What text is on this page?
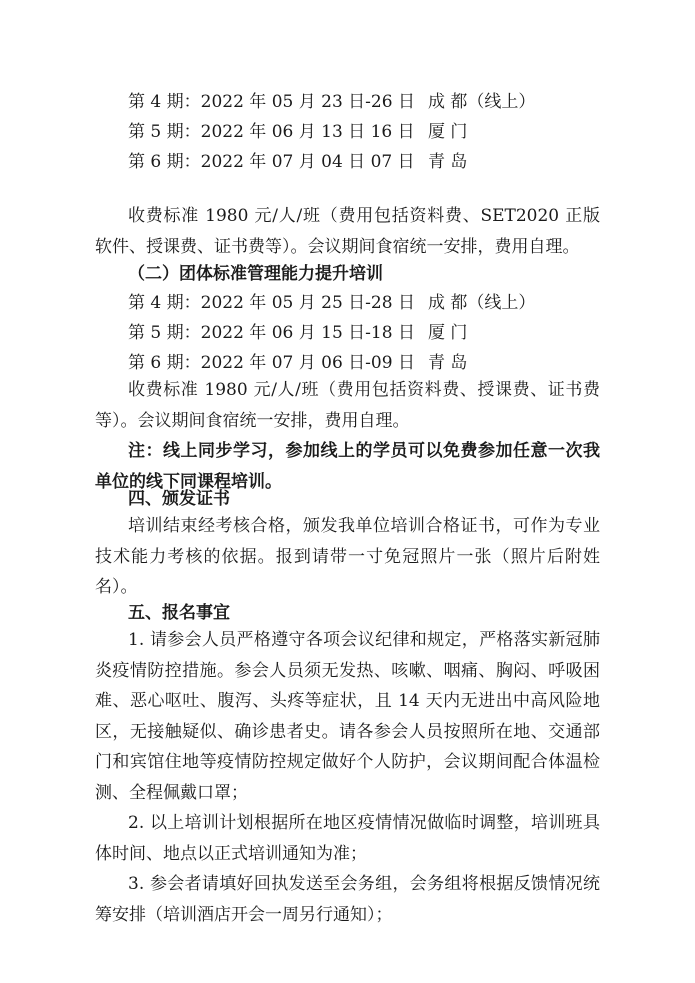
第 4 期：2022 年 05 月 23 日-26 日 成 都（线上）
第 5 期：2022 年 06 月 13 日 16 日 厦 门
第 6 期：2022 年 07 月 04 日 07 日 青 岛
收费标准 1980 元/人/班（费用包括资料费、SET2020 正版软件、授课费、证书费等）。会议期间食宿统一安排，费用自理。
（二）团体标准管理能力提升培训
第 4 期：2022 年 05 月 25 日-28 日 成 都（线上）
第 5 期：2022 年 06 月 15 日-18 日 厦 门
第 6 期：2022 年 07 月 06 日-09 日 青 岛
收费标准 1980 元/人/班（费用包括资料费、授课费、证书费等）。会议期间食宿统一安排，费用自理。
注：线上同步学习，参加线上的学员可以免费参加任意一次我单位的线下同课程培训。
四、颁发证书
培训结束经考核合格，颁发我单位培训合格证书，可作为专业技术能力考核的依据。报到请带一寸免冠照片一张（照片后附姓名）。
五、报名事宜
1. 请参会人员严格遵守各项会议纪律和规定，严格落实新冠肺炎疫情防控措施。参会人员须无发热、咳嗽、咽痛、胸闷、呼吸困难、恶心呕吐、腹泻、头疼等症状，且 14 天内无进出中高风险地区，无接触疑似、确诊患者史。请各参会人员按照所在地、交通部门和宾馆住地等疫情防控规定做好个人防护，会议期间配合体温检测、全程佩戴口罩；
2. 以上培训计划根据所在地区疫情情况做临时调整，培训班具体时间、地点以正式培训通知为准；
3. 参会者请填好回执发送至会务组，会务组将根据反馈情况统筹安排（培训酒店开会一周另行通知）；
